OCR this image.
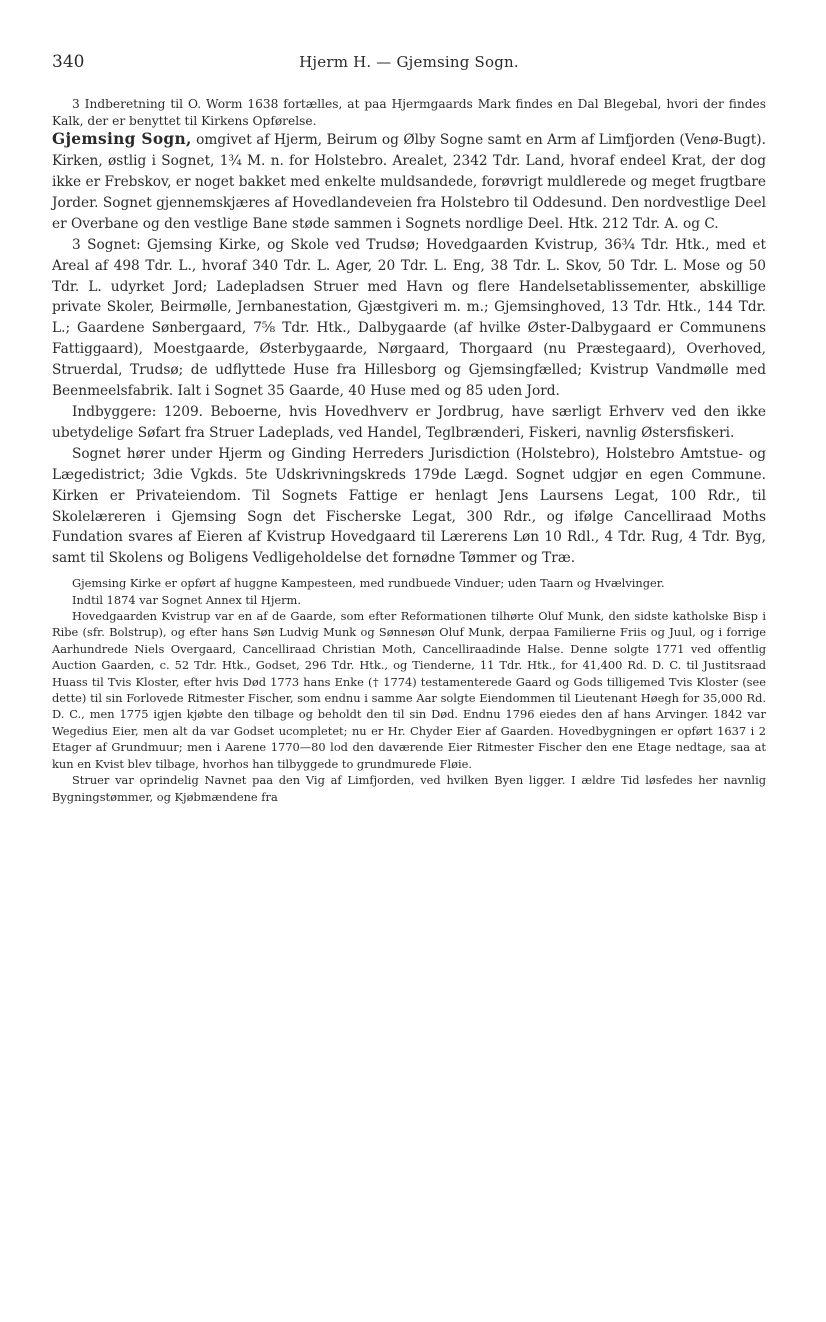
340	Hjerm H. — Gjemsing Sogn.

3 Indberetning til O. Worm 1638 fortælles, at paa Hjermgaards Mark findes en Dal Blegebal, hvori der findes Kalk, der er benyttet til Kirkens Opførelse.

Gjemsing Sogn, omgivet af Hjerm, Beirum og Ølby Sogne samt en Arm af Limfjorden (Venø-Bugt). Kirken, østlig i Sognet, 1¾ M. n. for Holstebro. Arealet, 2342 Tdr. Land, hvoraf endeel Krat, der dog ikke er Frebskov, er noget bakket med enkelte muldsandede, forøvrigt muldlerede og meget frugtbare Jorder. Sognet gjennemskjæres af Hovedlandeveien fra Holstebro til Oddesund. Den nordvestlige Deel er Overbane og den vestlige Bane støde sammen i Sognets nordlige Deel. Htk. 212 Tdr. A. og C.

3 Sognet: Gjemsing Kirke, og Skole ved Trudsø; Hovedgaarden Kvistrup, 36¾ Tdr. Htk., med et Areal af 498 Tdr. L., hvoraf 340 Tdr. L. Ager, 20 Tdr. L. Eng, 38 Tdr. L. Skov, 50 Tdr. L. Mose og 50 Tdr. L. udyrket Jord; Ladepladsen Struer med Havn og flere Handelsetablissementer, abskillige private Skoler, Beirmølle, Jernbanestation, Gjæstgiveri m. m.; Gjemsinghoved, 13 Tdr. Htk., 144 Tdr. L.; Gaardene Sønbergaard, 7⅝ Tdr. Htk., Dalbygaarde (af hvilke Øster-Dalbygaard er Communens Fattiggaard), Moestgaarde, Østerbygaarde, Nørgaard, Thorgaard (nu Præstegaard), Overhoved, Struerdal, Trudsø; de udflyttede Huse fra Hillesborg og Gjemsingfælled; Kvistrup Vandmølle med Beenmeelsfabrik. Ialt i Sognet 35 Gaarde, 40 Huse med og 85 uden Jord.

Indbyggere: 1209. Beboerne, hvis Hovedhverv er Jordbrug, have særligt Erhverv ved den ikke ubetydelige Søfart fra Struer Ladeplads, ved Handel, Teglbrænderi, Fiskeri, navnlig Østersfiskeri.

Sognet hører under Hjerm og Ginding Herreders Jurisdiction (Holstebro), Holstebro Amtstue- og Lægedistrict; 3die Vgkds. 5te Udskrivningskreds 179de Lægd. Sognet udgjør en egen Commune. Kirken er Privateiendom. Til Sognets Fattige er henlagt Jens Laursens Legat, 100 Rdr., til Skolelæreren i Gjemsing Sogn det Fischerske Legat, 300 Rdr., og ifølge Cancelliraad Moths Fundation svares af Eieren af Kvistrup Hovedgaard til Lærerens Løn 10 Rdl., 4 Tdr. Rug, 4 Tdr. Byg, samt til Skolens og Boligens Vedligeholdelse det fornødne Tømmer og Træ.

Gjemsing Kirke er opført af huggne Kampesteen, med rundbuede Vinduer; uden Taarn og Hvælvinger.

Indtil 1874 var Sognet Annex til Hjerm.

Hovedgaarden Kvistrup var en af de Gaarde, som efter Reformationen tilhørte Oluf Munk, den sidste katholske Bisp i Ribe (sfr. Bolstrup), og efter hans Søn Ludvig Munk og Sønnesøn Oluf Munk, derpaa Familierne Friis og Juul, og i forrige Aarhundrede Niels Overgaard, Cancelliraad Christian Moth, Cancelliraadinde Halse. Denne solgte 1771 ved offentlig Auction Gaarden, c. 52 Tdr. Htk., Godset, 296 Tdr. Htk., og Tienderne, 11 Tdr. Htk., for 41,400 Rd. D. C. til Justitsraad Huass til Tvis Kloster, efter hvis Død 1773 hans Enke († 1774) testamenterede Gaard og Gods tilligemed Tvis Kloster (see dette) til sin Forlovede Ritmester Fischer, som endnu i samme Aar solgte Eiendommen til Lieutenant Høegh for 35,000 Rd. D. C., men 1775 igjen kjøbte den tilbage og beholdt den til sin Død. Endnu 1796 eiedes den af hans Arvinger. 1842 var Wegedius Eier, men alt da var Godset ucompletet; nu er Hr. Chyder Eier af Gaarden. Hovedbygningen er opført 1637 i 2 Etager af Grundmuur; men i Aarene 1770—80 lod den daværende Eier Ritmester Fischer den ene Etage nedtage, saa at kun en Kvist blev tilbage, hvorhos han tilbyggede to grundmurede Fløie.

Struer var oprindelig Navnet paa den Vig af Limfjorden, ved hvilken Byen ligger. I ældre Tid løsfedes her navnlig Bygningstømmer, og Kjøbmændene fra
